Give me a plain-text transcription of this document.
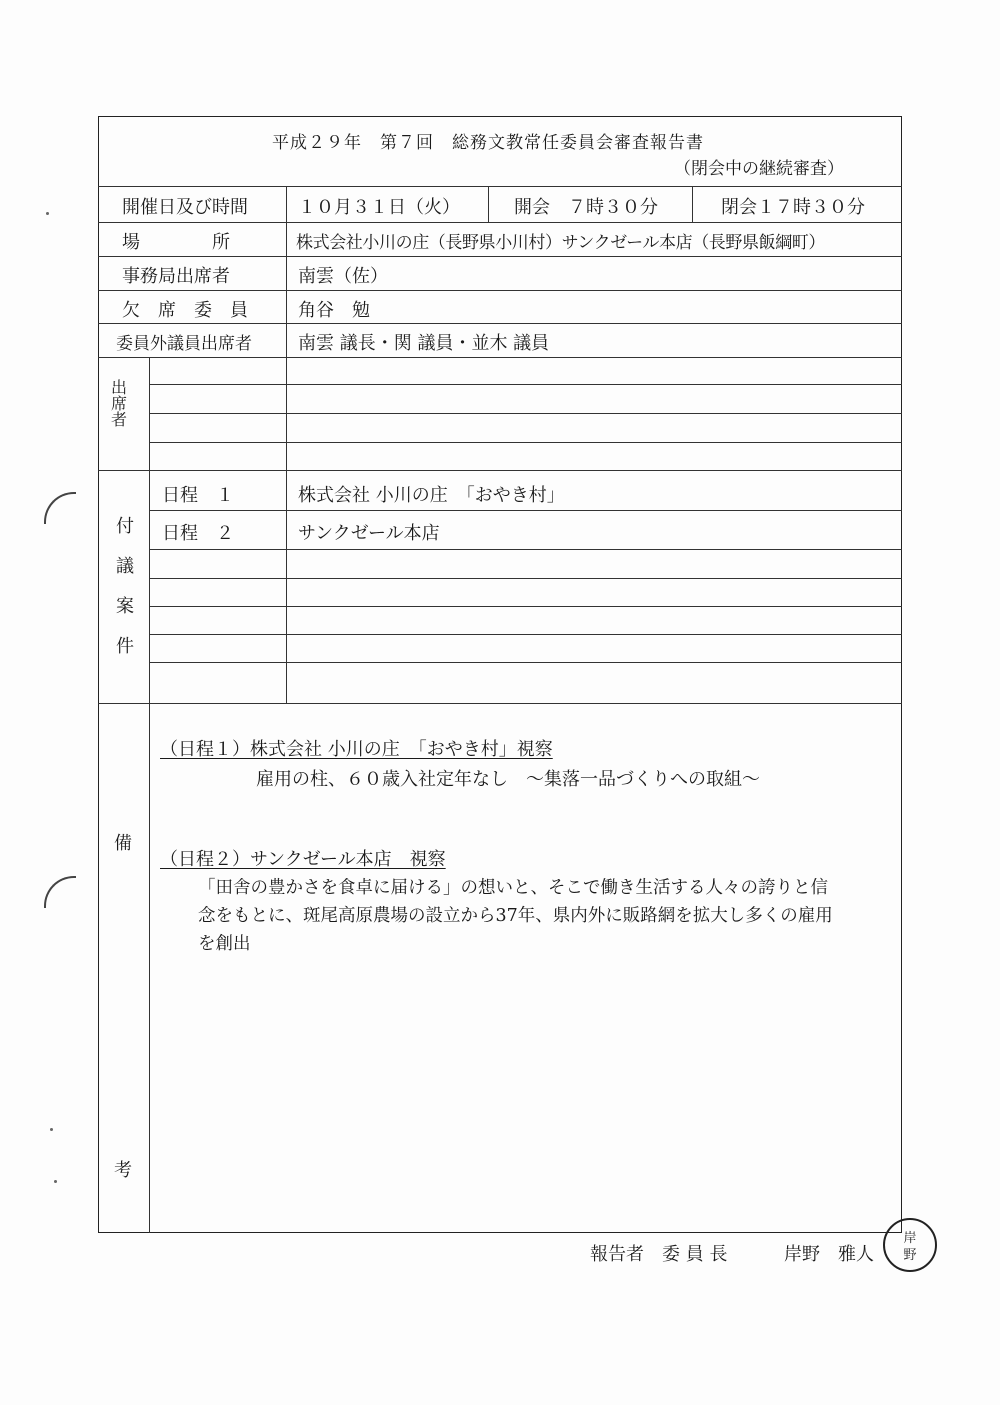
平成２９年　第７回　総務文教常任委員会審査報告書
（閉会中の継続審査）
開催日及び時間	１０月３１日（火）	開会　７時３０分	閉会１７時３０分
場　　　　所	株式会社小川の庄（長野県小川村）サンクゼール本店（長野県飯綱町）
事務局出席者	南雲（佐）
欠　席　委　員	角谷　勉
委員外議員出席者	南雲 議長・関 議員・並木 議員
出
席
者
付
議
案
件
日程　１	株式会社 小川の庄　「おやき村」
日程　２	サンクゼール本店
備
考
（日程１）株式会社 小川の庄　「おやき村」視察
雇用の柱、６０歳入社定年なし　～集落一品づくりへの取組～
（日程２）サンクゼール本店　視察
「田舎の豊かさを食卓に届ける」の想いと、そこで働き生活する人々の誇りと信
念をもとに、斑尾高原農場の設立から37年、県内外に販路網を拡大し多くの雇用
を創出
報告者　委 員 長	岸野　雅人
岸
野
